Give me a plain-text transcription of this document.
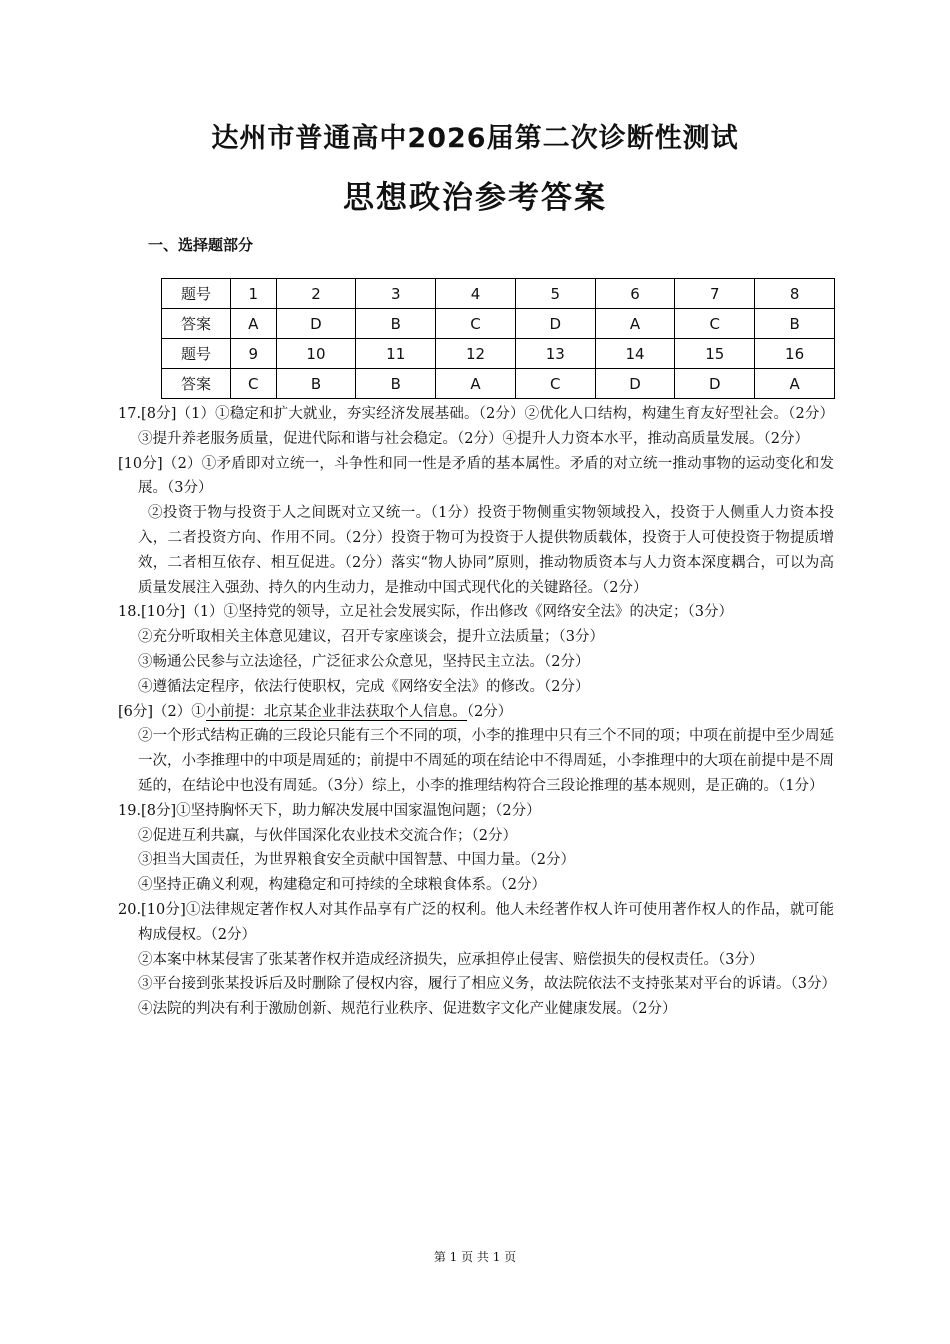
达州市普通高中2026届第二次诊断性测试
思想政治参考答案
一、选择题部分
题号	1	2	3	4	5	6	7	8
答案	A	D	B	C	D	A	C	B
题号	9	10	11	12	13	14	15	16
答案	C	B	B	A	C	D	D	A

17.[8分]（1）①稳定和扩大就业，夯实经济发展基础。（2分）②优化人口结构，构建生育友好型社会。（2分）③提升养老服务质量，促进代际和谐与社会稳定。（2分）④提升人力资本水平，推动高质量发展。（2分）

[10分]（2）①矛盾即对立统一，斗争性和同一性是矛盾的基本属性。矛盾的对立统一推动事物的运动变化和发展。（3分）

②投资于物与投资于人之间既对立又统一。（1分）投资于物侧重实物领域投入，投资于人侧重人力资本投入，二者投资方向、作用不同。（2分）投资于物可为投资于人提供物质载体，投资于人可使投资于物提质增效，二者相互依存、相互促进。（2分）落实“物人协同”原则，推动物质资本与人力资本深度耦合，可以为高质量发展注入强劲、持久的内生动力，是推动中国式现代化的关键路径。（2分）

18.[10分]（1）①坚持党的领导，立足社会发展实际，作出修改《网络安全法》的决定；（3分）

②充分听取相关主体意见建议，召开专家座谈会，提升立法质量；（3分）

③畅通公民参与立法途径，广泛征求公众意见，坚持民主立法。（2分）

④遵循法定程序，依法行使职权，完成《网络安全法》的修改。（2分）

[6分]（2）①小前提：北京某企业非法获取个人信息。（2分）

②一个形式结构正确的三段论只能有三个不同的项，小李的推理中只有三个不同的项；中项在前提中至少周延一次，小李推理中的中项是周延的；前提中不周延的项在结论中不得周延，小李推理中的大项在前提中是不周延的，在结论中也没有周延。（3分）综上，小李的推理结构符合三段论推理的基本规则，是正确的。（1分）

19.[8分]①坚持胸怀天下，助力解决发展中国家温饱问题；（2分）

②促进互利共赢，与伙伴国深化农业技术交流合作；（2分）

③担当大国责任，为世界粮食安全贡献中国智慧、中国力量。（2分）

④坚持正确义利观，构建稳定和可持续的全球粮食体系。（2分）

20.[10分]①法律规定著作权人对其作品享有广泛的权利。他人未经著作权人许可使用著作权人的作品，就可能构成侵权。（2分）

②本案中林某侵害了张某著作权并造成经济损失，应承担停止侵害、赔偿损失的侵权责任。（3分）

③平台接到张某投诉后及时删除了侵权内容，履行了相应义务，故法院依法不支持张某对平台的诉请。（3分）

④法院的判决有利于激励创新、规范行业秩序、促进数字文化产业健康发展。（2分）

第 1 页 共 1 页
